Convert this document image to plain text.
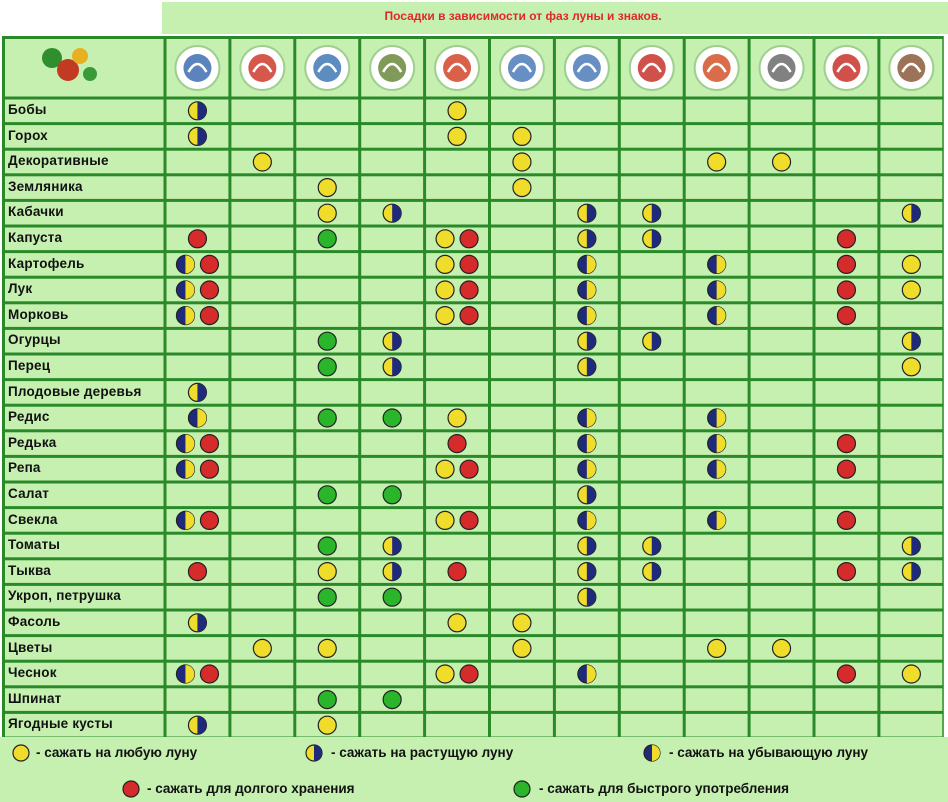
Посадки в зависимости от фаз луны и знаков.
Бобы
Горох
Декоративные
Земляника
Кабачки
Капуста
Картофель
Лук
Морковь
Огурцы
Перец
Плодовые деревья
Редис
Редька
Репа
Салат
Свекла
Томаты
Тыква
Укроп, петрушка
Фасоль
Цветы
Чеснок
Шпинат
Ягодные кусты
- сажать на любую луну	- сажать на растущую луну	- сажать на убывающую луну
- сажать для долгого хранения	- сажать для быстрого употребления
